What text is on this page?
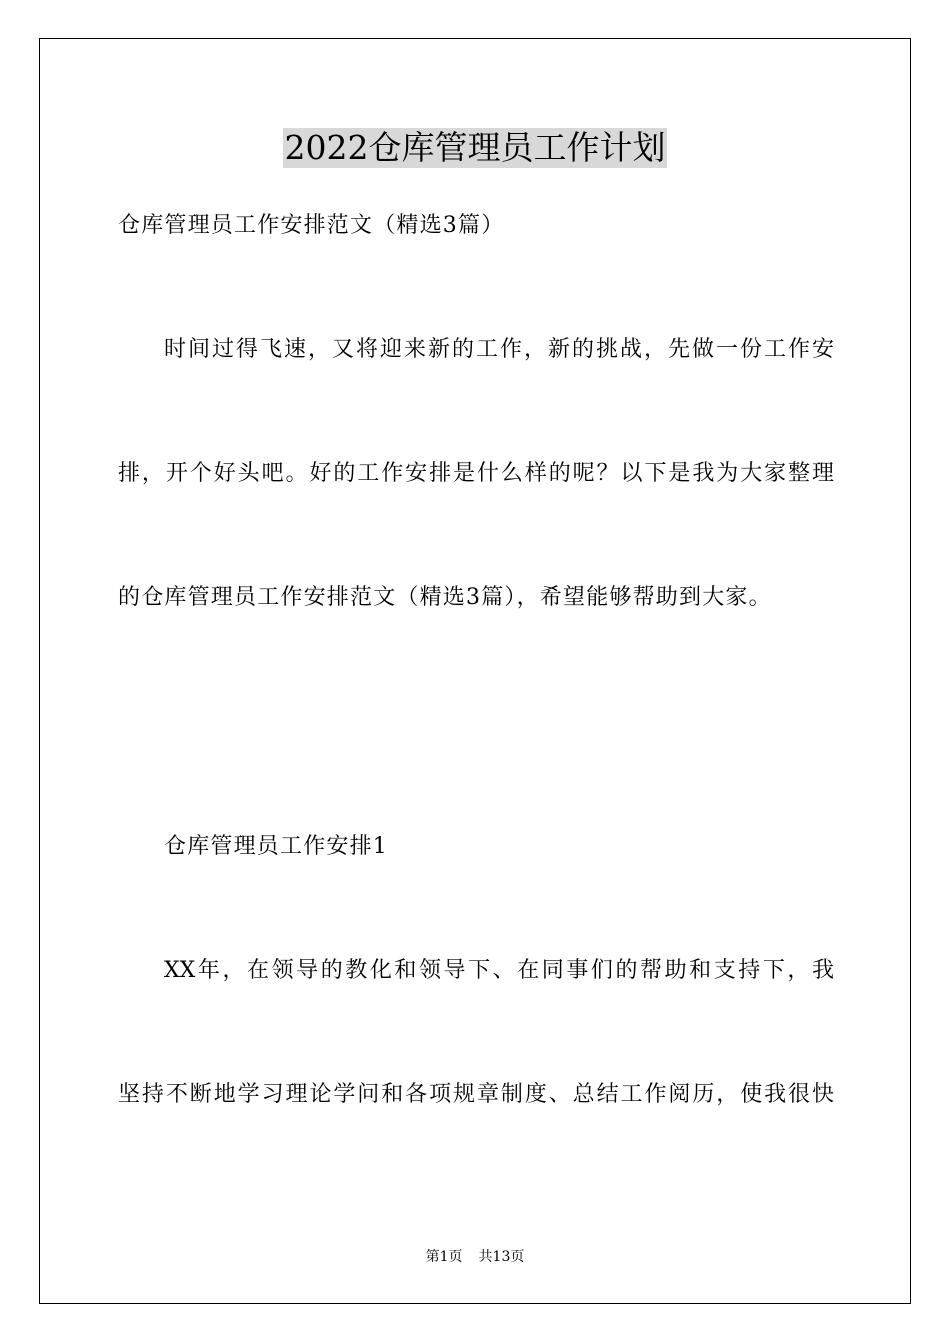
2022仓库管理员工作计划
仓库管理员工作安排范文（精选3篇）
时间过得飞速，又将迎来新的工作，新的挑战，先做一份工作安
排，开个好头吧。好的工作安排是什么样的呢？以下是我为大家整理
的仓库管理员工作安排范文（精选3篇），希望能够帮助到大家。
仓库管理员工作安排1
XX年，在领导的教化和领导下、在同事们的帮助和支持下，我
坚持不断地学习理论学问和各项规章制度、总结工作阅历，使我很快
第1页 共13页
